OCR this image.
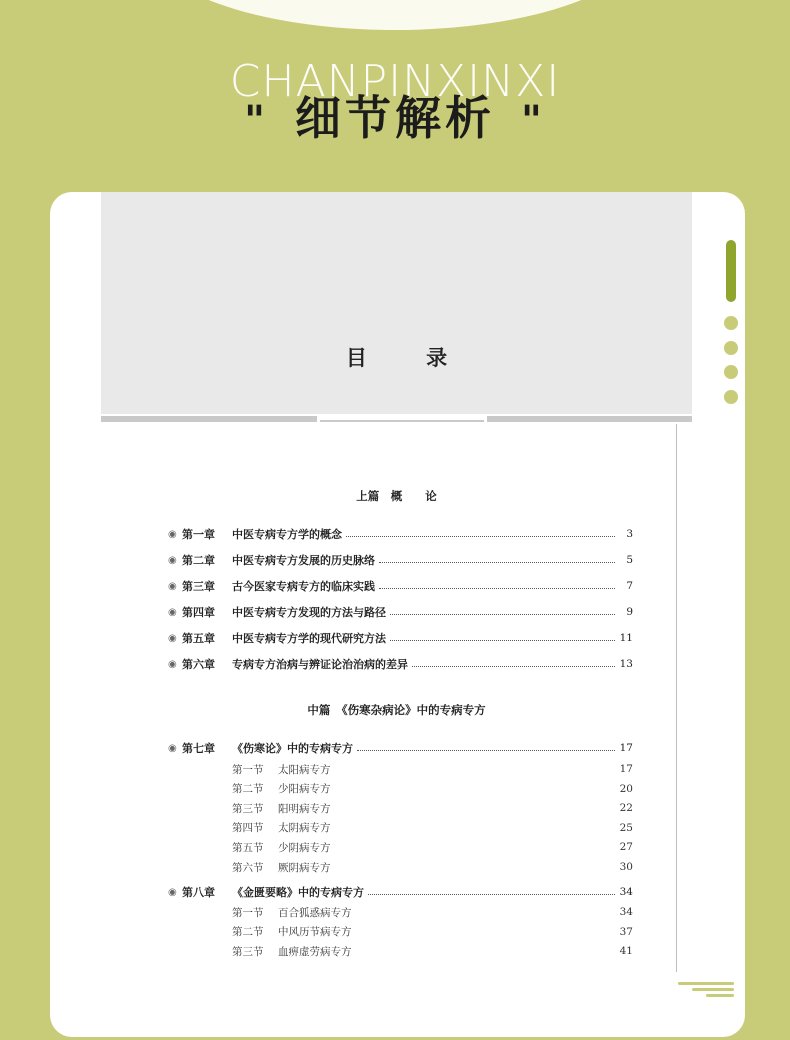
CHANPINXINXI
" 细节解析 "
目 录
上篇　概　　论
◉ 第一章	中医专病专方学的概念	3
◉ 第二章	中医专病专方发展的历史脉络	5
◉ 第三章	古今医家专病专方的临床实践	7
◉ 第四章	中医专病专方发现的方法与路径	9
◉ 第五章	中医专病专方学的现代研究方法	11
◉ 第六章	专病专方治病与辨证论治治病的差异	13
中篇　《伤寒杂病论》中的专病专方
◉ 第七章	《伤寒论》中的专病专方	17
第一节	太阳病专方	17
第二节	少阳病专方	20
第三节	阳明病专方	22
第四节	太阴病专方	25
第五节	少阴病专方	27
第六节	厥阴病专方	30
◉ 第八章	《金匮要略》中的专病专方	34
第一节	百合狐惑病专方	34
第二节	中风历节病专方	37
第三节	血痹虚劳病专方	41
